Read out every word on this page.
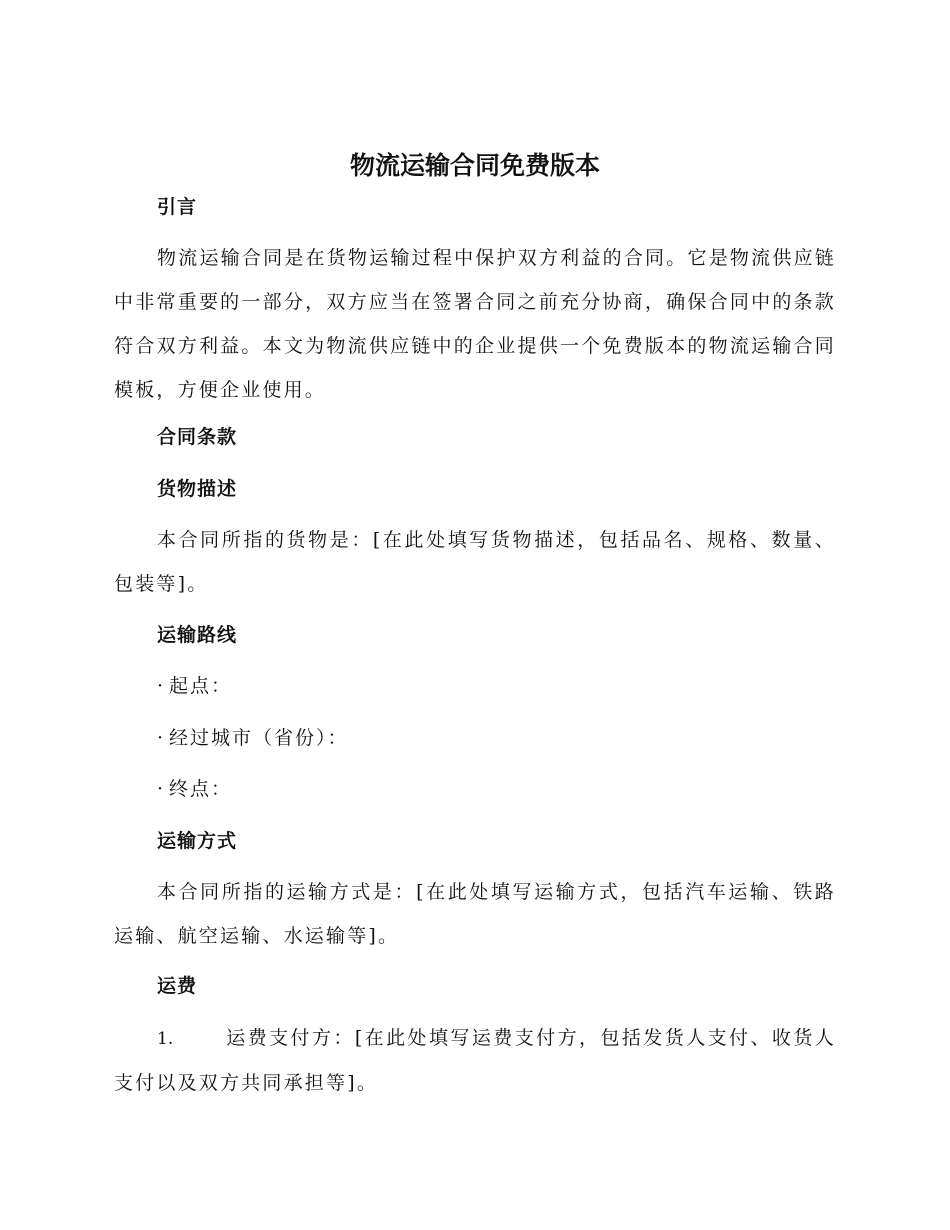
物流运输合同免费版本
引言

物流运输合同是在货物运输过程中保护双方利益的合同。它是物流供应链中非常重要的一部分，双方应当在签署合同之前充分协商，确保合同中的条款符合双方利益。本文为物流供应链中的企业提供一个免费版本的物流运输合同模板，方便企业使用。

合同条款
货物描述

本合同所指的货物是：[在此处填写货物描述，包括品名、规格、数量、包装等]。

运输路线

· 起点：

· 经过城市（省份）：

· 终点：

运输方式

本合同所指的运输方式是：[在此处填写运输方式，包括汽车运输、铁路运输、航空运输、水运输等]。

运费

1.	运费支付方：[在此处填写运费支付方，包括发货人支付、收货人支付以及双方共同承担等]。
